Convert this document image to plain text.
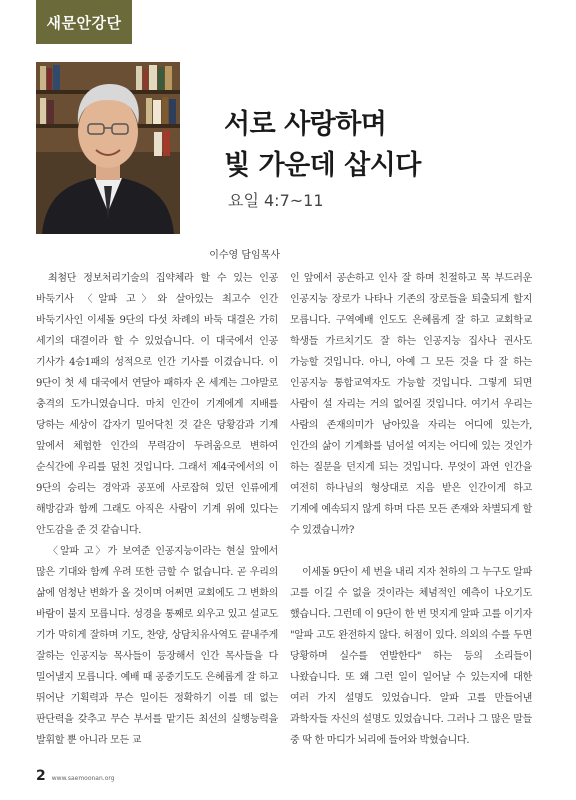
새문안강단
서로 사랑하며
빛 가운데 삽시다
요일 4:7~11
이수영 담임목사

최첨단 정보처리기술의 집약체라 할 수 있는 인공 바둑기사 〈알파 고〉와 살아있는 최고수 인간 바둑기사인 이세돌 9단의 다섯 차례의 바둑 대결은 가히 세기의 대결이라 할 수 있었습니다. 이 대국에서 인공 기사가 4승1패의 성적으로 인간 기사를 이겼습니다. 이 9단이 첫 세 대국에서 연달아 패하자 온 세계는 그야말로 충격의 도가니였습니다. 마치 인간이 기계에게 지배를 당하는 세상이 갑자기 밀어닥친 것 같은 당황감과 기계 앞에서 체험한 인간의 무력감이 두려움으로 변하여 순식간에 우리를 덮친 것입니다. 그래서 제4국에서의 이 9단의 승리는 경악과 공포에 사로잡혀 있던 인류에게 해방감과 함께 그래도 아직은 사람이 기계 위에 있다는 안도감을 준 것 같습니다.

〈알파 고〉가 보여준 인공지능이라는 현실 앞에서 많은 기대와 함께 우려 또한 금할 수 없습니다. 곧 우리의 삶에 엄청난 변화가 올 것이며 어쩌면 교회에도 그 변화의 바람이 불지 모릅니다. 성경을 통째로 외우고 있고 설교도 기가 막히게 잘하며 기도, 찬양, 상담치유사역도 끝내주게 잘하는 인공지능 목사들이 등장해서 인간 목사들을 다 밀어낼지 모릅니다. 예배 때 공중기도도 은혜롭게 잘 하고 뛰어난 기획력과 무슨 일이든 정확하기 이를 데 없는 판단력을 갖추고 무슨 부서를 맡기든 최선의 실행능력을 발휘할 뿐 아니라 모든 교

인 앞에서 공손하고 인사 잘 하며 친절하고 목 부드러운 인공지능 장로가 나타나 기존의 장로들을 퇴출되게 할지 모릅니다. 구역예배 인도도 은혜롭게 잘 하고 교회학교 학생들 가르치기도 잘 하는 인공지능 집사나 권사도 가능할 것입니다. 아니, 아예 그 모든 것을 다 잘 하는 인공지능 통합교역자도 가능할 것입니다. 그렇게 되면 사람이 설 자리는 거의 없어질 것입니다. 여기서 우리는 사람의 존재의미가 남아있을 자리는 어디에 있는가, 인간의 삶이 기계화를 넘어설 여지는 어디에 있는 것인가 하는 질문을 던지게 되는 것입니다. 무엇이 과연 인간을 여전히 하나님의 형상대로 지음 받은 인간이게 하고 기계에 예속되지 않게 하며 다른 모든 존재와 차별되게 할 수 있겠습니까?

이세돌 9단이 세 번을 내리 지자 천하의 그 누구도 알파 고를 이길 수 없을 것이라는 체념적인 예측이 나오기도 했습니다. 그런데 이 9단이 한 번 멋지게 알파 고를 이기자 "알파 고도 완전하지 않다. 허점이 있다. 의외의 수를 두면 당황하며 실수를 연발한다" 하는 등의 소리들이 나왔습니다. 또 왜 그런 일이 일어날 수 있는지에 대한 여러 가지 설명도 있었습니다. 알파 고를 만들어낸 과학자들 자신의 설명도 있었습니다. 그러나 그 많은 말들 중 딱 한 마디가 뇌리에 들어와 박혔습니다.

2 www.saemoonan.org
